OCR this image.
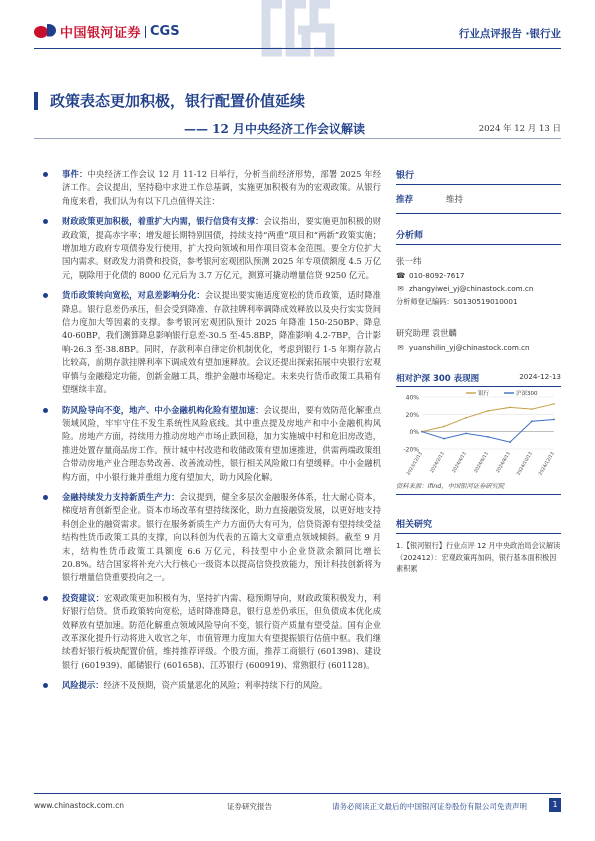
中国银河证券 CGS	行业点评报告 ·银行业
政策表态更加积极，银行配置价值延续
—— 12 月中央经济工作会议解读	2024 年 12 月 13 日
事件：中央经济工作会议 12 月 11-12 日举行，分析当前经济形势，部署 2025 年经济工作。会议提出，坚持稳中求进工作总基调，实施更加积极有为的宏观政策。从银行角度来看，我们认为有以下几点值得关注：
财政政策更加积极，着重扩大内需，银行信贷有支撑：会议指出，要实施更加积极的财政政策，提高赤字率；增发超长期特别国债，持续支持“两重”项目和“两新”政策实施；增加地方政府专项债券发行使用，扩大投向领域和用作项目资本金范围。要全方位扩大国内需求。财政发力消费和投资，参考银河宏观团队预测 2025 年专项债额度 4.5 万亿元，剔除用于化债的 8000 亿元后为 3.7 万亿元，测算可撬动增量信贷 9250 亿元。
货币政策转向宽松，对息差影响分化：会议提出要实施适度宽松的货币政策，适时降准降息。银行息差仍承压，但会受到降准、存款挂牌利率调降成效释放以及央行实实贷间信力度加大等因素的支撑。参考银河宏观团队预计 2025 年降准 150-250BP、降息 40-60BP，我们测算降息影响银行息差-30.5 至-45.8BP，降准影响 4.2-7BP，合计影响-26.3 至-38.8BP。同时，存款利率自律定价机制优化，考虑到银行 1-5 年期存款占比较高，前期存款挂牌利率下调成效有望加速释放。会议还提出探索拓展中央银行宏观审慎与金融稳定功能，创新金融工具，维护金融市场稳定。未来央行货币政策工具箱有望继续丰富。
防风险导向不变，地产、中小金融机构化险有望加速：会议提出，要有效防范化解重点领域风险，牢牢守住不发生系统性风险底线。其中重点提及房地产和中小金融机构风险。房地产方面，持续用力推动房地产市场止跌回稳，加力实施城中村和危旧房改造，推进处置存量商品房工作。预计城中村改造和收储政策有望加速推进，供需两端政策组合带动房地产业合理态势改善、改善流动性，银行相关风险敞口有望缓释。中小金融机构方面，中小银行兼并重组力度有望加大，助力风险化解。
金融持续发力支持新质生产力：会议提到，健全多层次金融服务体系，壮大耐心资本，梯度培育创新型企业。资本市场改革有望持续深化，助力直接融资发展，以更好地支持科创企业的融资需求。银行在服务新质生产力方面仍大有可为，信贷资源有望持续受益结构性货币政策工具的支撑，向以科创为代表的五篇大文章重点领域倾斜。截至 9 月末，结构性货币政策工具额度 6.6 万亿元，科技型中小企业贷款余额同比增长 20.8%。结合国家将补充六大行核心一级资本以提高信贷投放能力，预计科技创新将为银行增量信贷重要投向之一。
投资建议：宏观政策更加积极有为，坚持扩内需、稳预期导向，财政政策积极发力，利好银行信贷。货币政策转向宽松，适时降准降息，银行息差仍承压，但负债成本优化成效释放有望加速。防范化解重点领域风险导向不变，银行资产质量有望受益。国有企业改革深化提升行动将进入收官之年，市值管理力度加大有望提振银行估值中枢。我们继续看好银行板块配置价值，维持推荐评级。个股方面，推荐工商银行 (601398)、建设银行 (601939)、邮储银行 (601658)、江苏银行 (600919)、常熟银行 (601128)。
风险提示：经济不及预期，资产质量恶化的风险；利率持续下行的风险。
银行
推荐	维持
分析师
张一纬
☎ 010-8092-7617
✉ zhangyiwei_yj@chinastock.com.cn
分析师登记编码：S0130519010001
研究助理 袁世麟
✉ yuanshilin_yj@chinastock.com.cn
相对沪深 300 表现图	2024-12-13
40%
20%
0%
-20%
2023/12/13 2024/2/13 2024/4/13 2024/6/13 2024/8/13 2024/10/13 2024/12/13
银行	沪深300
资料来源：ifind，中国银河证券研究院
相关研究
1.【银河银行】行业点评 12 月中央政治局会议解读（202412）：宏观政策再加码，银行基本面积极因素积累
www.chinastock.com.cn	证券研究报告	请务必阅读正文最后的中国银河证券股份有限公司免责声明	1
